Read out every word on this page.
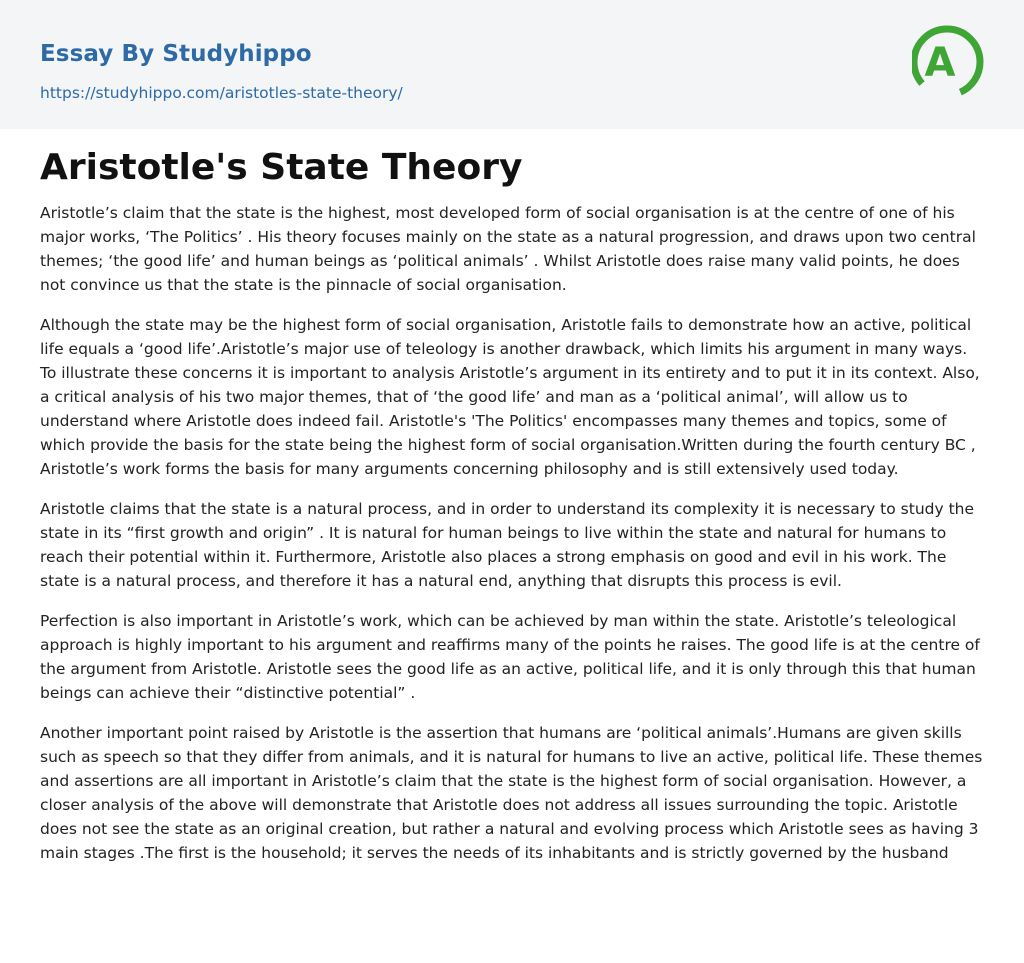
Essay By Studyhippo
https://studyhippo.com/aristotles-state-theory/
A
Aristotle's State Theory

Aristotle’s claim that the state is the highest, most developed form of social organisation is at the centre of one of his major works, ‘The Politics’ . His theory focuses mainly on the state as a natural progression, and draws upon two central themes; ‘the good life’ and human beings as ‘political animals’ . Whilst Aristotle does raise many valid points, he does not convince us that the state is the pinnacle of social organisation.

Although the state may be the highest form of social organisation, Aristotle fails to demonstrate how an active, political life equals a ‘good life’.Aristotle’s major use of teleology is another drawback, which limits his argument in many ways. To illustrate these concerns it is important to analysis Aristotle’s argument in its entirety and to put it in its context. Also, a critical analysis of his two major themes, that of ‘the good life’ and man as a ‘political animal’, will allow us to understand where Aristotle does indeed fail. Aristotle's 'The Politics' encompasses many themes and topics, some of which provide the basis for the state being the highest form of social organisation.Written during the fourth century BC , Aristotle’s work forms the basis for many arguments concerning philosophy and is still extensively used today.

Aristotle claims that the state is a natural process, and in order to understand its complexity it is necessary to study the state in its “first growth and origin” . It is natural for human beings to live within the state and natural for humans to reach their potential within it. Furthermore, Aristotle also places a strong emphasis on good and evil in his work. The state is a natural process, and therefore it has a natural end, anything that disrupts this process is evil.

Perfection is also important in Aristotle’s work, which can be achieved by man within the state. Aristotle’s teleological approach is highly important to his argument and reaffirms many of the points he raises. The good life is at the centre of the argument from Aristotle. Aristotle sees the good life as an active, political life, and it is only through this that human beings can achieve their “distinctive potential” .

Another important point raised by Aristotle is the assertion that humans are ‘political animals’.Humans are given skills such as speech so that they differ from animals, and it is natural for humans to live an active, political life. These themes and assertions are all important in Aristotle’s claim that the state is the highest form of social organisation. However, a closer analysis of the above will demonstrate that Aristotle does not address all issues surrounding the topic. Aristotle does not see the state as an original creation, but rather a natural and evolving process which Aristotle sees as having 3 main stages .The first is the household; it serves the needs of its inhabitants and is strictly governed by the husband
